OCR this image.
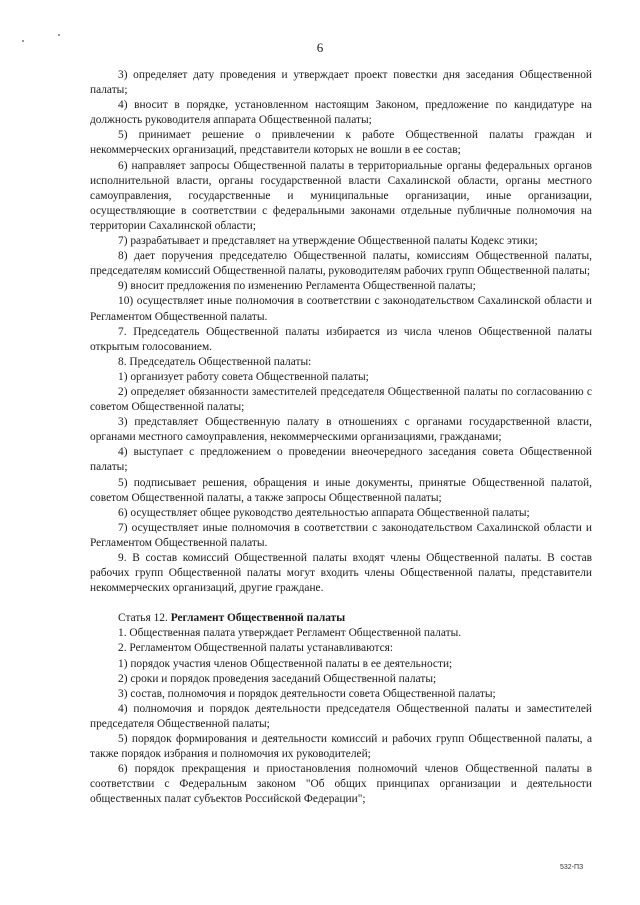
6

3) определяет дату проведения и утверждает проект повестки дня заседания Общественной палаты;

4) вносит в порядке, установленном настоящим Законом, предложение по кандидатуре на должность руководителя аппарата Общественной палаты;

5) принимает решение о привлечении к работе Общественной палаты граждан и некоммерческих организаций, представители которых не вошли в ее состав;

6) направляет запросы Общественной палаты в территориальные органы федеральных органов исполнительной власти, органы государственной власти Сахалинской области, органы местного самоуправления, государственные и муниципальные организации, иные организации, осуществляющие в соответствии с федеральными законами отдельные публичные полномочия на территории Сахалинской области;

7) разрабатывает и представляет на утверждение Общественной палаты Кодекс этики;

8) дает поручения председателю Общественной палаты, комиссиям Общественной палаты, председателям комиссий Общественной палаты, руководителям рабочих групп Общественной палаты;

9) вносит предложения по изменению Регламента Общественной палаты;

10) осуществляет иные полномочия в соответствии с законодательством Сахалинской области и Регламентом Общественной палаты.

7. Председатель Общественной палаты избирается из числа членов Общественной палаты открытым голосованием.

8. Председатель Общественной палаты:

1) организует работу совета Общественной палаты;

2) определяет обязанности заместителей председателя Общественной палаты по согласованию с советом Общественной палаты;

3) представляет Общественную палату в отношениях с органами государственной власти, органами местного самоуправления, некоммерческими организациями, гражданами;

4) выступает с предложением о проведении внеочередного заседания совета Общественной палаты;

5) подписывает решения, обращения и иные документы, принятые Общественной палатой, советом Общественной палаты, а также запросы Общественной палаты;

6) осуществляет общее руководство деятельностью аппарата Общественной палаты;

7) осуществляет иные полномочия в соответствии с законодательством Сахалинской области и Регламентом Общественной палаты.

9. В состав комиссий Общественной палаты входят члены Общественной палаты. В состав рабочих групп Общественной палаты могут входить члены Общественной палаты, представители некоммерческих организаций, другие граждане.

Статья 12. Регламент Общественной палаты

1. Общественная палата утверждает Регламент Общественной палаты.

2. Регламентом Общественной палаты устанавливаются:

1) порядок участия членов Общественной палаты в ее деятельности;

2) сроки и порядок проведения заседаний Общественной палаты;

3) состав, полномочия и порядок деятельности совета Общественной палаты;

4) полномочия и порядок деятельности председателя Общественной палаты и заместителей председателя Общественной палаты;

5) порядок формирования и деятельности комиссий и рабочих групп Общественной палаты, а также порядок избрания и полномочия их руководителей;

6) порядок прекращения и приостановления полномочий членов Общественной палаты в соответствии с Федеральным законом "Об общих принципах организации и деятельности общественных палат субъектов Российской Федерации";

532-ПЗ
